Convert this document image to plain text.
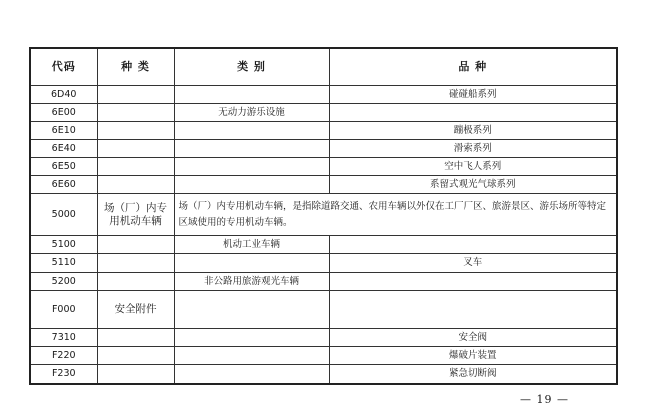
代码	种 类	类 别	品 种
6D40			碰碰船系列
6E00		无动力游乐设施	
6E10			蹦极系列
6E40			滑索系列
6E50			空中飞人系列
6E60			系留式观光气球系列
5000	场（厂）内专用机动车辆	场（厂）内专用机动车辆，是指除道路交通、农用车辆以外仅在工厂厂区、旅游景区、游乐场所等特定区域使用的专用机动车辆。	
5100		机动工业车辆	
5110			叉车
5200		非公路用旅游观光车辆	
F000	安全附件		
7310			安全阀
F220			爆破片装置
F230			紧急切断阀
— 19 —
